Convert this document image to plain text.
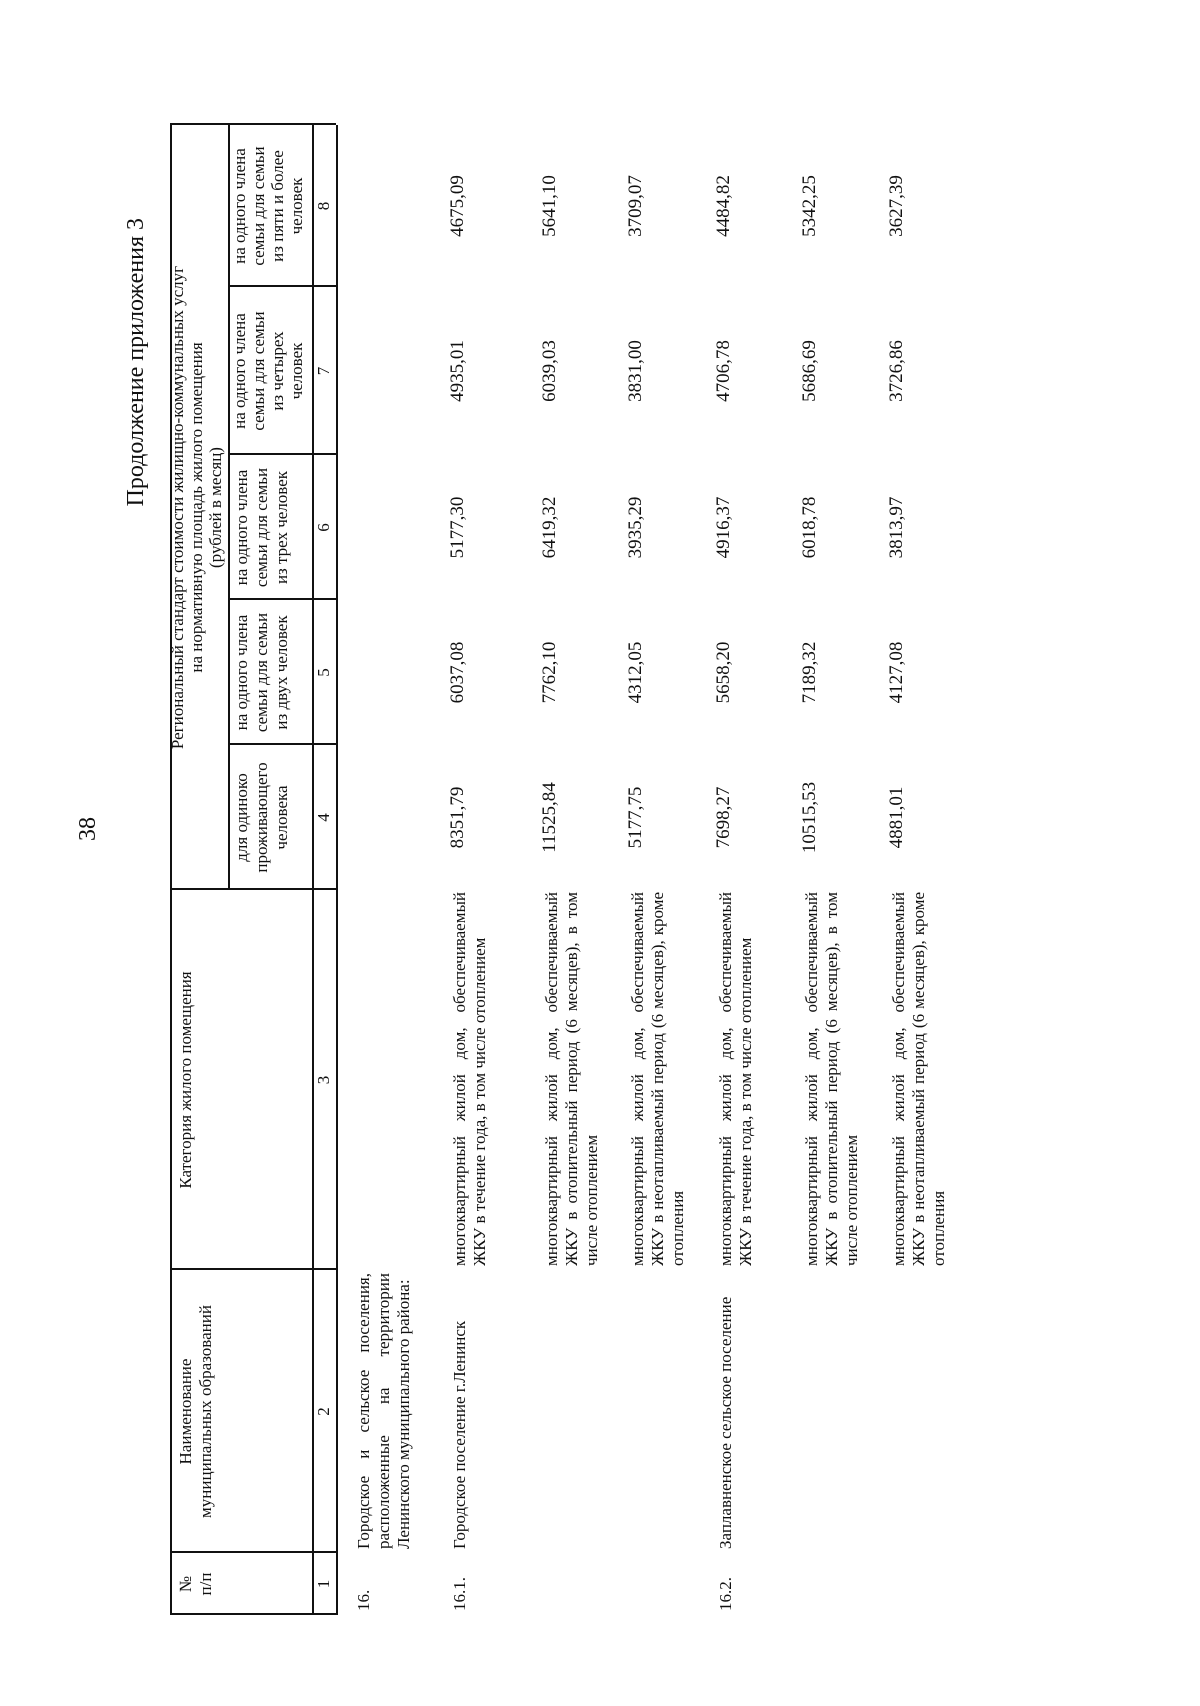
38
Продолжение приложения 3
№
п/п
Наименование
муниципальных образований
Категория жилого помещения
Региональный стандарт стоимости жилищно-коммунальных услуг
на нормативную площадь жилого помещения
(рублей в месяц)
для одиноко
проживающего
человека
на одного члена
семьи для семьи
из двух человек
на одного члена
семьи для семьи
из трех человек
на одного члена
семьи для семьи
из четырех
человек
на одного члена
семьи для семьи
из пяти и более
человек
1
2
3
4
5
6
7
8
16.
Городское и сельское поселения, расположенные на территории Ленинского муниципального района:
16.1.
Городское поселение г.Ленинск
многоквартирный жилой дом, обеспечиваемый ЖКУ в течение года, в том числе отоплением
8351,79
6037,08
5177,30
4935,01
4675,09
многоквартирный жилой дом, обеспечиваемый ЖКУ в отопительный период (6 месяцев), в том числе отоплением
11525,84
7762,10
6419,32
6039,03
5641,10
многоквартирный жилой дом, обеспечиваемый ЖКУ в неотапливаемый период (6 месяцев), кроме отопления
5177,75
4312,05
3935,29
3831,00
3709,07
16.2.
Заплавненское сельское поселение
многоквартирный жилой дом, обеспечиваемый ЖКУ в течение года, в том числе отоплением
7698,27
5658,20
4916,37
4706,78
4484,82
многоквартирный жилой дом, обеспечиваемый ЖКУ в отопительный период (6 месяцев), в том числе отоплением
10515,53
7189,32
6018,78
5686,69
5342,25
многоквартирный жилой дом, обеспечиваемый ЖКУ в неотапливаемый период (6 месяцев), кроме отопления
4881,01
4127,08
3813,97
3726,86
3627,39
